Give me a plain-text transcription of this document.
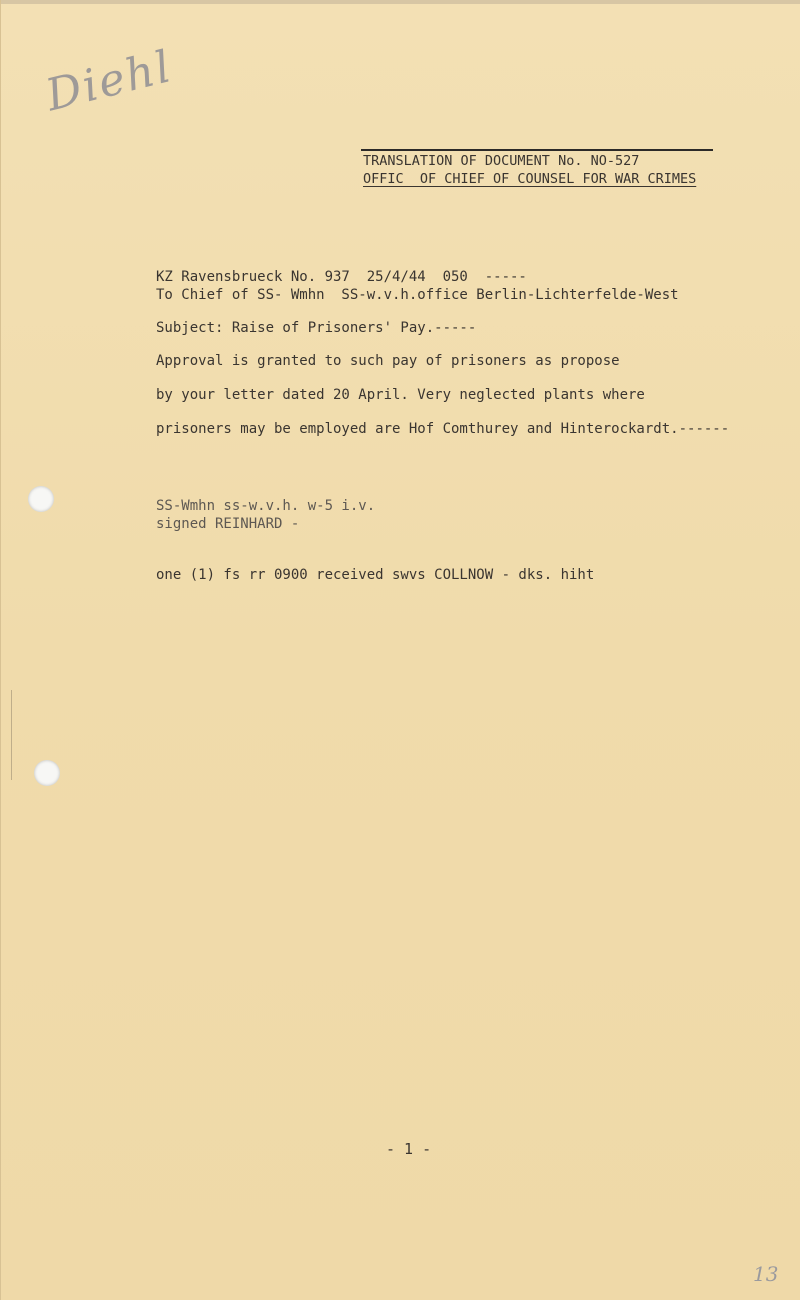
Diehl
TRANSLATION OF DOCUMENT No. NO-527
OFFIC  OF CHIEF OF COUNSEL FOR WAR CRIMES
KZ Ravensbrueck No. 937  25/4/44  050  -----
To Chief of SS- Wmhn  SS-w.v.h.office Berlin-Lichterfelde-West
Subject: Raise of Prisoners' Pay.-----
Approval is granted to such pay of prisoners as propose
by your letter dated 20 April. Very neglected plants where
prisoners may be employed are Hof Comthurey and Hinterockardt.------
SS-Wmhn ss-w.v.h. w-5 i.v.
signed REINHARD -
one (1) fs rr 0900 received swvs COLLNOW - dks. hiht
- 1 -
13
